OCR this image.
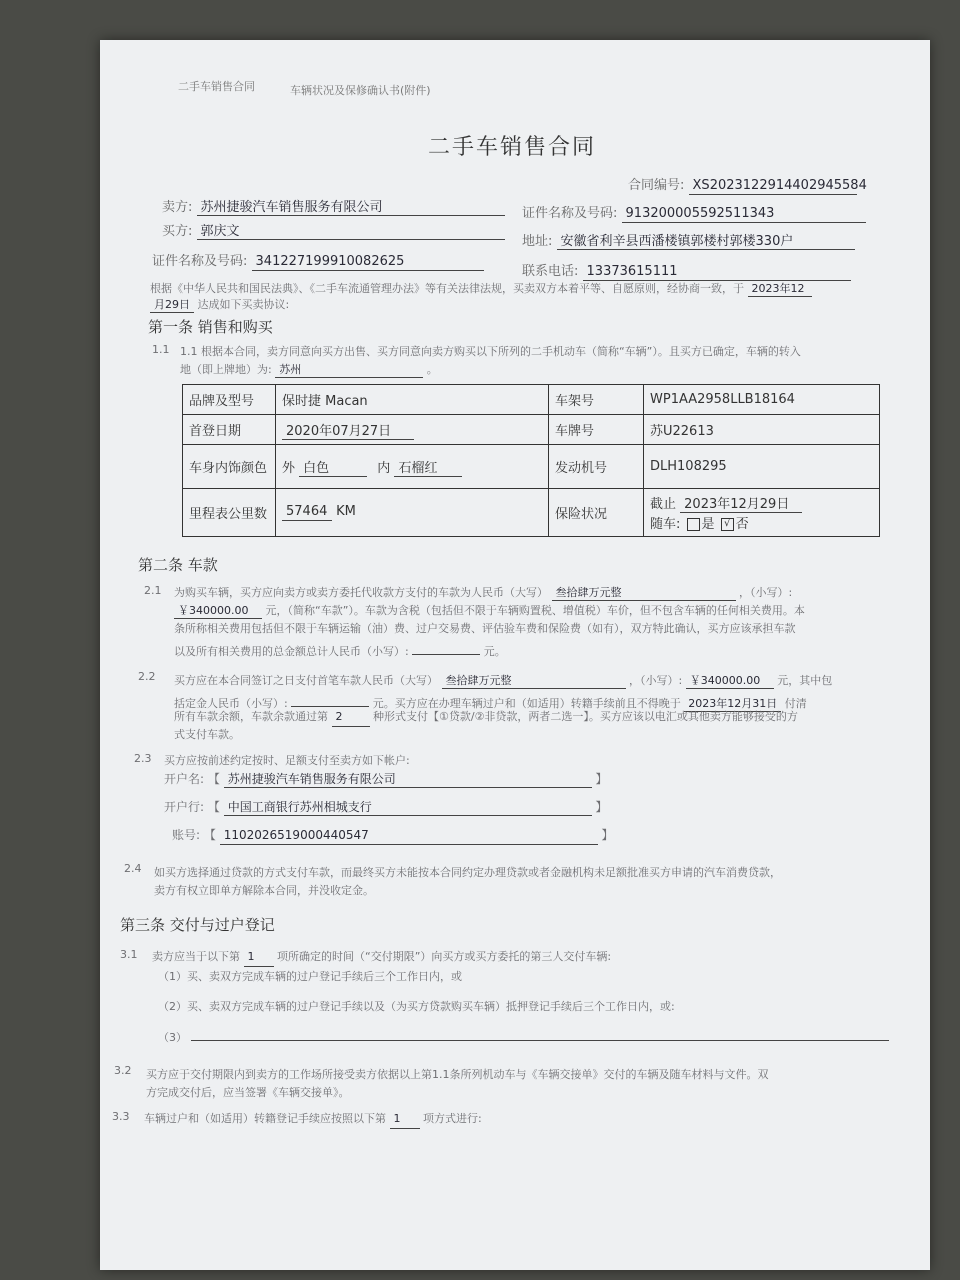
二手车销售合同	车辆状况及保修确认书(附件)
二手车销售合同
合同编号: XS2023122914402945584
卖方: 苏州捷骏汽车销售服务有限公司	证件名称及号码: 913200005592511343
买方: 郭庆文
地址: 安徽省利辛县西潘楼镇郭楼村郭楼330户
证件名称及号码: 341227199910082625
联系电话: 13373615111
根据《中华人民共和国民法典》、《二手车流通管理办法》等有关法律法规，买卖双方本着平等、自愿原则，经协商一致，于 2023年12
月29日 达成如下买卖协议:
第一条 销售和购买
1.1 1.1 根据本合同，卖方同意向买方出售、买方同意向卖方购买以下所列的二手机动车（简称“车辆”）。且买方已确定，车辆的转入
地（即上牌地）为: 苏州	。
品牌及型号	保时捷 Macan	车架号	WP1AA2958LLB18164
首登日期	2020年07月27日	车牌号	苏U22613
车身内饰颜色	外 白色 内 石榴红	发动机号	DLH108295
里程表公里数	57464 KM	保险状况	截止 2023年12月29日
随车: 是 √ 否
第二条 车款
2.1 为购买车辆，买方应向卖方或卖方委托代收款方支付的车款为人民币（大写） 叁拾肆万元整	，（小写）:
￥340000.00 元，（简称“车款”）。车款为含税（包括但不限于车辆购置税、增值税）车价，但不包含车辆的任何相关费用。本
条所称相关费用包括但不限于车辆运输（油）费、过户交易费、评估验车费和保险费（如有），双方特此确认，买方应该承担车款
以及所有相关费用的总金额总计人民币（小写）:	元。
2.2 买方应在本合同签订之日支付首笔车款人民币（大写） 叁拾肆万元整	，（小写）: ￥340000.00 元，其中包
括定金人民币（小写）:	元。买方应在办理车辆过户和（如适用）转籍手续前且不得晚于 2023年12月31日 付清
所有车款余额，车款余款通过第 2	种形式支付【①贷款/②非贷款，两者二选一】。买方应该以电汇或其他卖方能够接受的方
式支付车款。
2.3 买方应按前述约定按时、足额支付至卖方如下帐户:
开户名: 【 苏州捷骏汽车销售服务有限公司	】
开户行: 【 中国工商银行苏州相城支行	】
账号: 【 1102026519000440547	】
2.4 如买方选择通过贷款的方式支付车款，而最终买方未能按本合同约定办理贷款或者金融机构未足额批准买方申请的汽车消费贷款，
卖方有权立即单方解除本合同，并没收定金。
第三条 交付与过户登记
3.1 卖方应当于以下第 1 项所确定的时间（“交付期限”）向买方或买方委托的第三人交付车辆:
（1）买、卖双方完成车辆的过户登记手续后三个工作日内，或
（2）买、卖双方完成车辆的过户登记手续以及（为买方贷款购买车辆）抵押登记手续后三个工作日内，或:
（3）
3.2 买方应于交付期限内到卖方的工作场所接受卖方依据以上第1.1条所列机动车与《车辆交接单》交付的车辆及随车材料与文件。双
方完成交付后，应当签署《车辆交接单》。
3.3 车辆过户和（如适用）转籍登记手续应按照以下第 1 项方式进行:
